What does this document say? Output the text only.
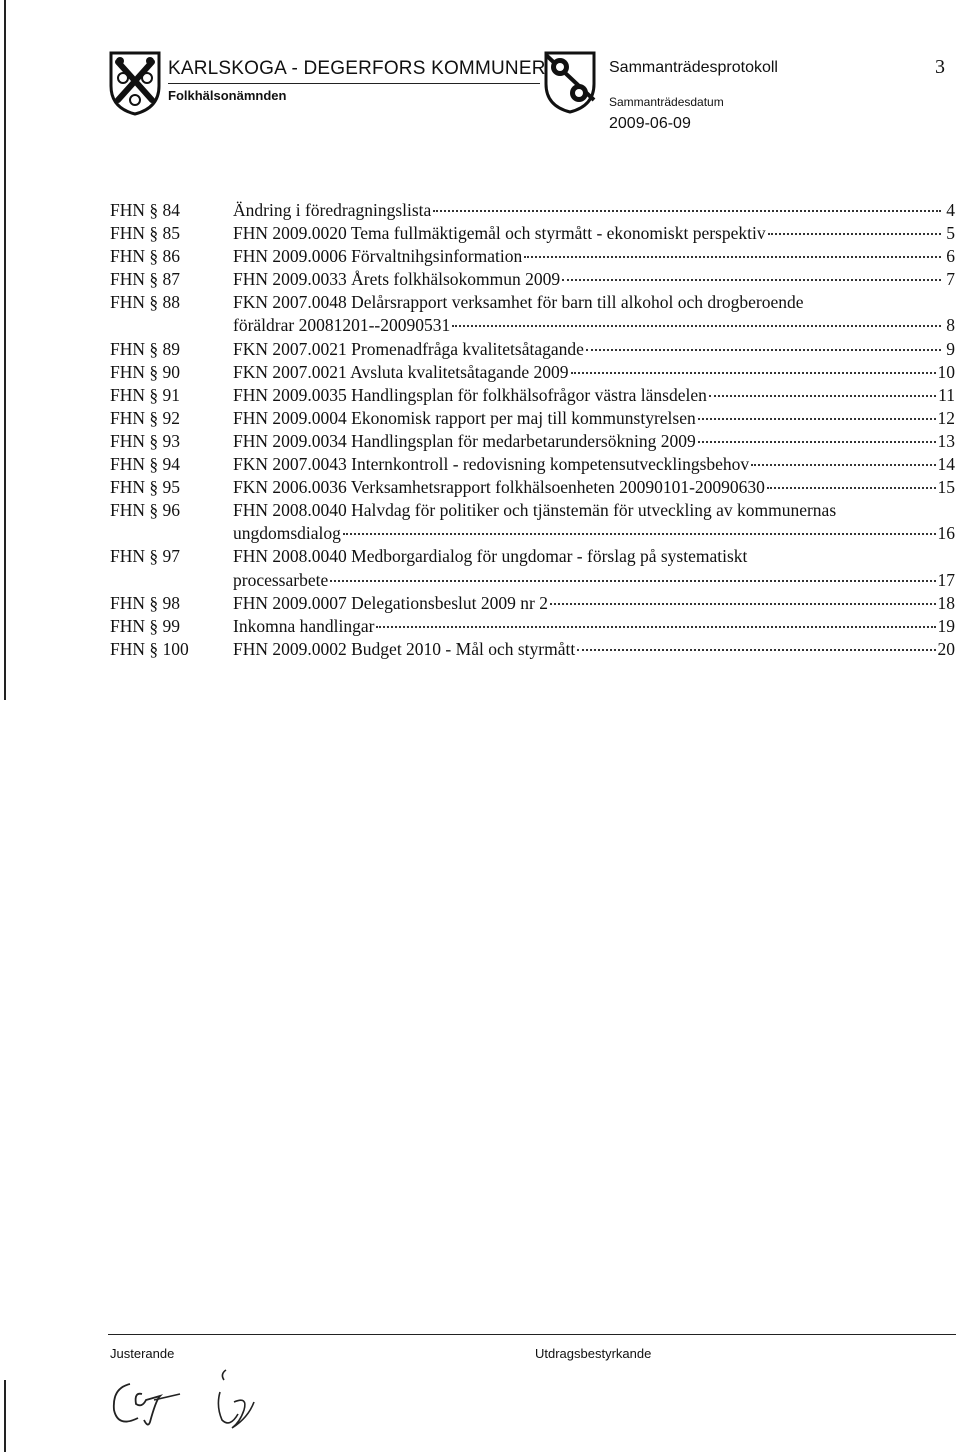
KARLSKOGA - DEGERFORS KOMMUNER
Folkhälsonämnden
Sammanträdesprotokoll	3
Sammanträdesdatum
2009-06-09
FHN § 84	Ändring i föredragningslista	4
FHN § 85	FHN 2009.0020 Tema fullmäktigemål och styrmått - ekonomiskt perspektiv	5
FHN § 86	FHN 2009.0006 Förvaltnihgsinformation	6
FHN § 87	FHN 2009.0033 Årets folkhälsokommun 2009	7
FHN § 88	FKN 2007.0048 Delårsrapport verksamhet för barn till alkohol och drogberoende
föräldrar 20081201--20090531	8
FHN § 89	FKN 2007.0021 Promenadfråga kvalitetsåtagande	9
FHN § 90	FKN 2007.0021 Avsluta kvalitetsåtagande 2009	10
FHN § 91	FHN 2009.0035 Handlingsplan för folkhälsofrågor västra länsdelen	11
FHN § 92	FHN 2009.0004 Ekonomisk rapport per maj till kommunstyrelsen	12
FHN § 93	FHN 2009.0034 Handlingsplan för medarbetarundersökning 2009	13
FHN § 94	FKN 2007.0043 Internkontroll - redovisning kompetensutvecklingsbehov	14
FHN § 95	FKN 2006.0036 Verksamhetsrapport folkhälsoenheten 20090101-20090630	15
FHN § 96	FHN 2008.0040 Halvdag för politiker och tjänstemän för utveckling av kommunernas
ungdomsdialog	16
FHN § 97	FHN 2008.0040 Medborgardialog för ungdomar - förslag på systematiskt
processarbete	17
FHN § 98	FHN 2009.0007 Delegationsbeslut 2009 nr 2	18
FHN § 99	Inkomna handlingar	19
FHN § 100	FHN 2009.0002 Budget 2010 - Mål och styrmått	20
Justerande	Utdragsbestyrkande
